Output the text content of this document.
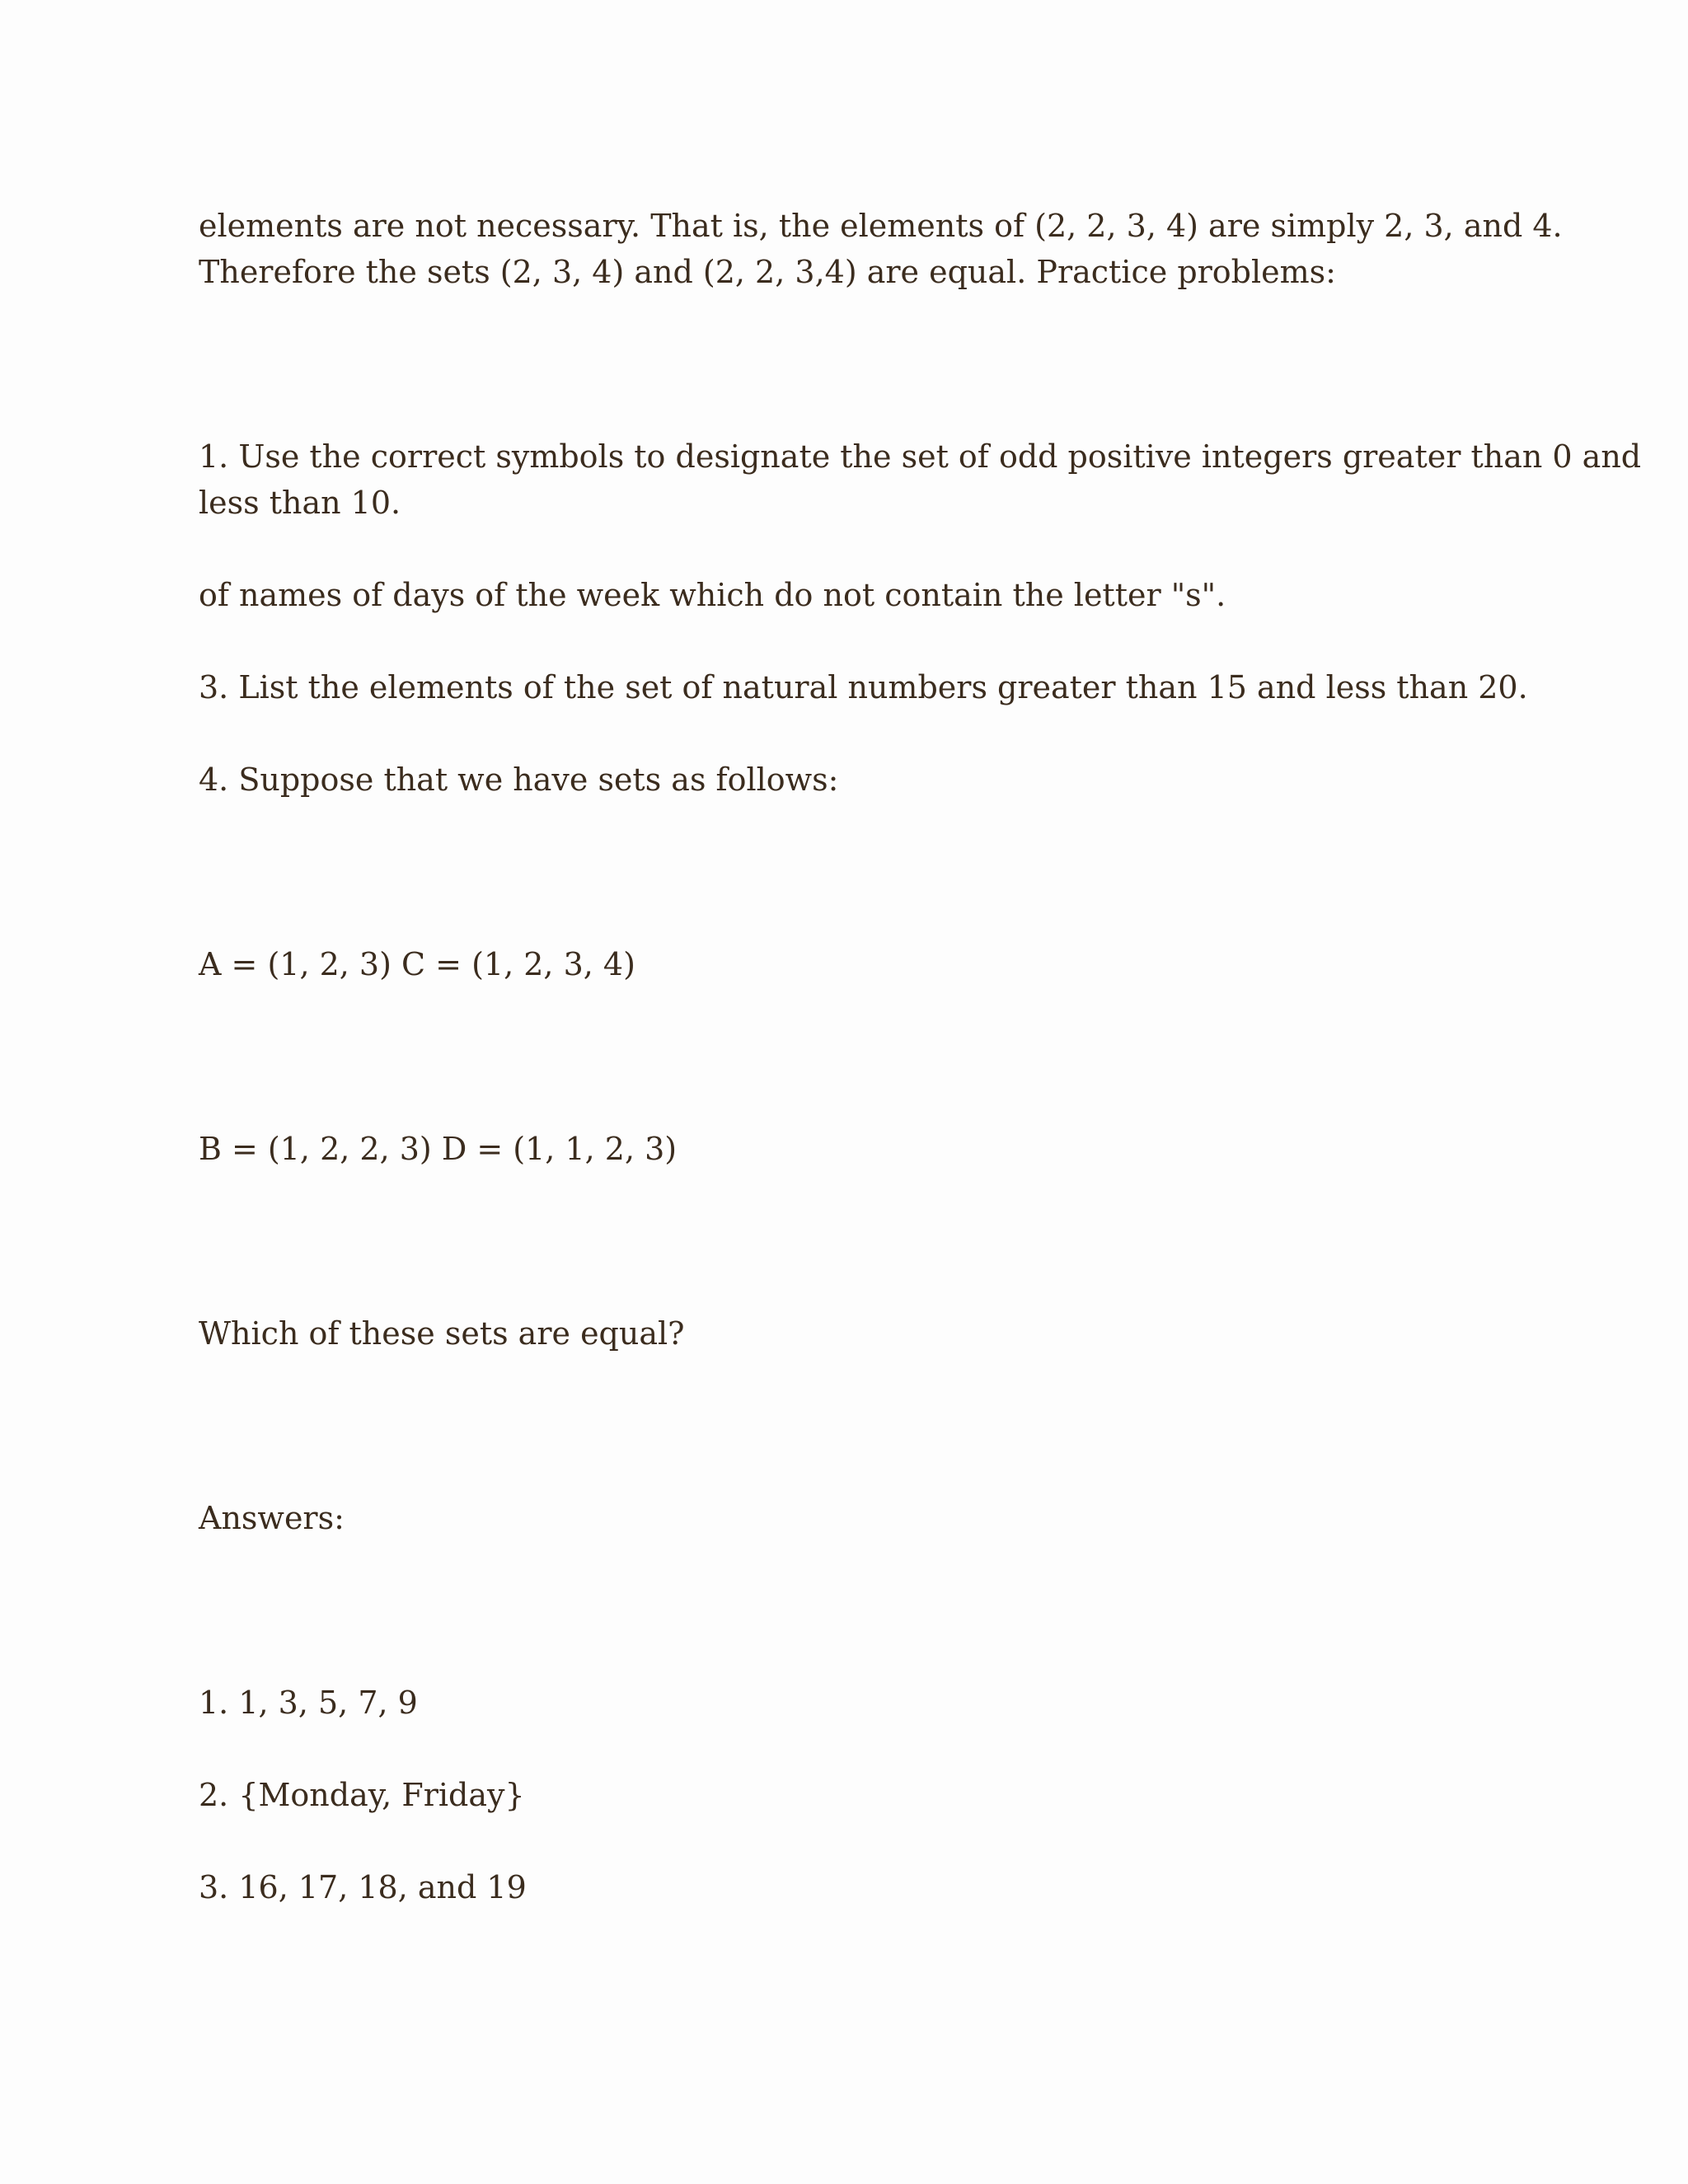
elements are not necessary. That is, the elements of (2, 2, 3, 4) are simply 2, 3, and 4.

Therefore the sets (2, 3, 4) and (2, 2, 3,4) are equal. Practice problems:

1. Use the correct symbols to designate the set of odd positive integers greater than 0 and

less than 10.

of names of days of the week which do not contain the letter "s".

3. List the elements of the set of natural numbers greater than 15 and less than 20.

4. Suppose that we have sets as follows:

A = (1, 2, 3) C = (1, 2, 3, 4)

B = (1, 2, 2, 3) D = (1, 1, 2, 3)

Which of these sets are equal?

Answers:

1. 1, 3, 5, 7, 9

2. {Monday, Friday}

3. 16, 17, 18, and 19
